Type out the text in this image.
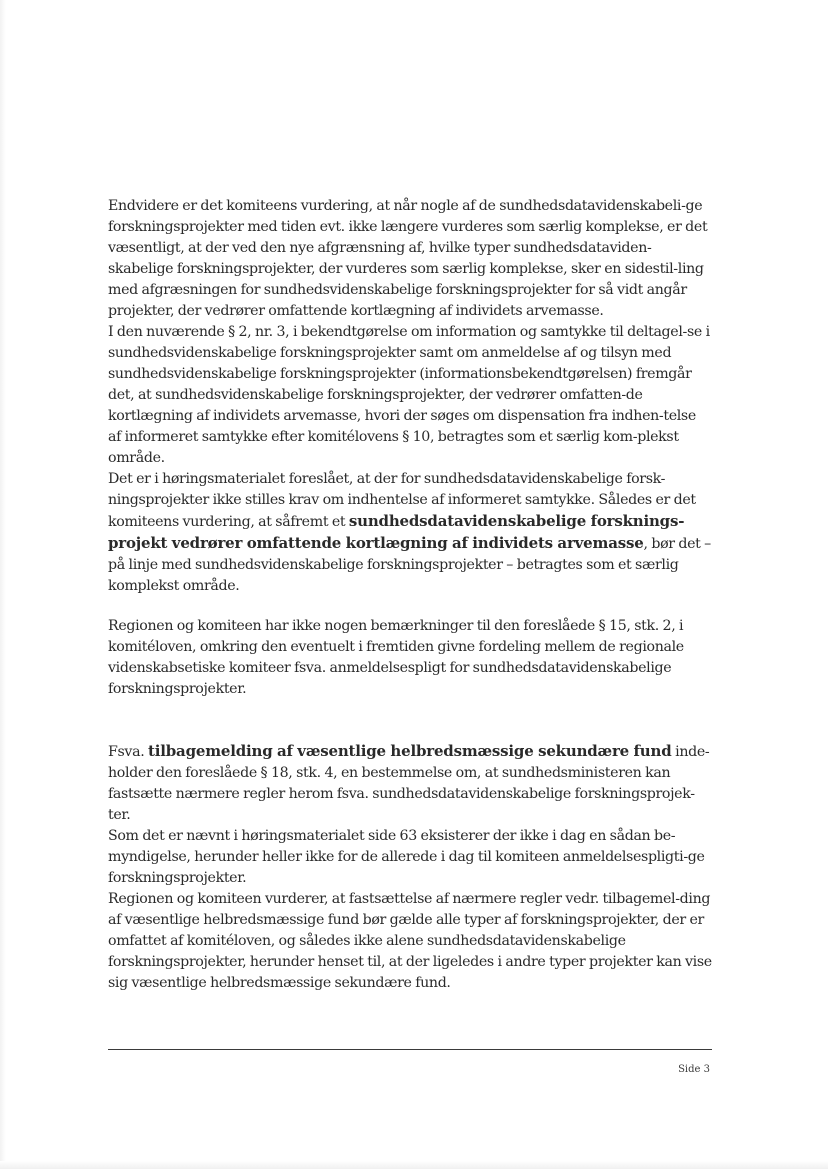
Endvidere er det komiteens vurdering, at når nogle af de sundhedsdatavidenskabeli-ge forskningsprojekter med tiden evt. ikke længere vurderes som særlig komplekse, er det væsentligt, at der ved den nye afgrænsning af, hvilke typer sundhedsdataviden-skabelige forskningsprojekter, der vurderes som særlig komplekse, sker en sidestil-ling med afgræsningen for sundhedsvidenskabelige forskningsprojekter for så vidt angår projekter, der vedrører omfattende kortlægning af individets arvemasse.

I den nuværende § 2, nr. 3, i bekendtgørelse om information og samtykke til deltagel-se i sundhedsvidenskabelige forskningsprojekter samt om anmeldelse af og tilsyn med sundhedsvidenskabelige forskningsprojekter (informationsbekendtgørelsen) fremgår det, at sundhedsvidenskabelige forskningsprojekter, der vedrører omfatten-de kortlægning af individets arvemasse, hvori der søges om dispensation fra indhen-telse af informeret samtykke efter komitélovens § 10, betragtes som et særlig kom-plekst område.

Det er i høringsmaterialet foreslået, at der for sundhedsdatavidenskabelige forsk-ningsprojekter ikke stilles krav om indhentelse af informeret samtykke. Således er det komiteens vurdering, at såfremt et sundhedsdatavidenskabelige forsknings-projekt vedrører omfattende kortlægning af individets arvemasse, bør det – på linje med sundhedsvidenskabelige forskningsprojekter – betragtes som et særlig komplekst område.

Regionen og komiteen har ikke nogen bemærkninger til den foreslåede § 15, stk. 2, i komitéloven, omkring den eventuelt i fremtiden givne fordeling mellem de regionale videnskabsetiske komiteer fsva. anmeldelsespligt for sundhedsdatavidenskabelige forskningsprojekter.

Fsva. tilbagemelding af væsentlige helbredsmæssige sekundære fund inde-holder den foreslåede § 18, stk. 4, en bestemmelse om, at sundhedsministeren kan fastsætte nærmere regler herom fsva. sundhedsdatavidenskabelige forskningsprojek-ter.

Som det er nævnt i høringsmaterialet side 63 eksisterer der ikke i dag en sådan be-myndigelse, herunder heller ikke for de allerede i dag til komiteen anmeldelsespligti-ge forskningsprojekter.

Regionen og komiteen vurderer, at fastsættelse af nærmere regler vedr. tilbagemel-ding af væsentlige helbredsmæssige fund bør gælde alle typer af forskningsprojekter, der er omfattet af komitéloven, og således ikke alene sundhedsdatavidenskabelige forskningsprojekter, herunder henset til, at der ligeledes i andre typer projekter kan vise sig væsentlige helbredsmæssige sekundære fund.

Side 3
